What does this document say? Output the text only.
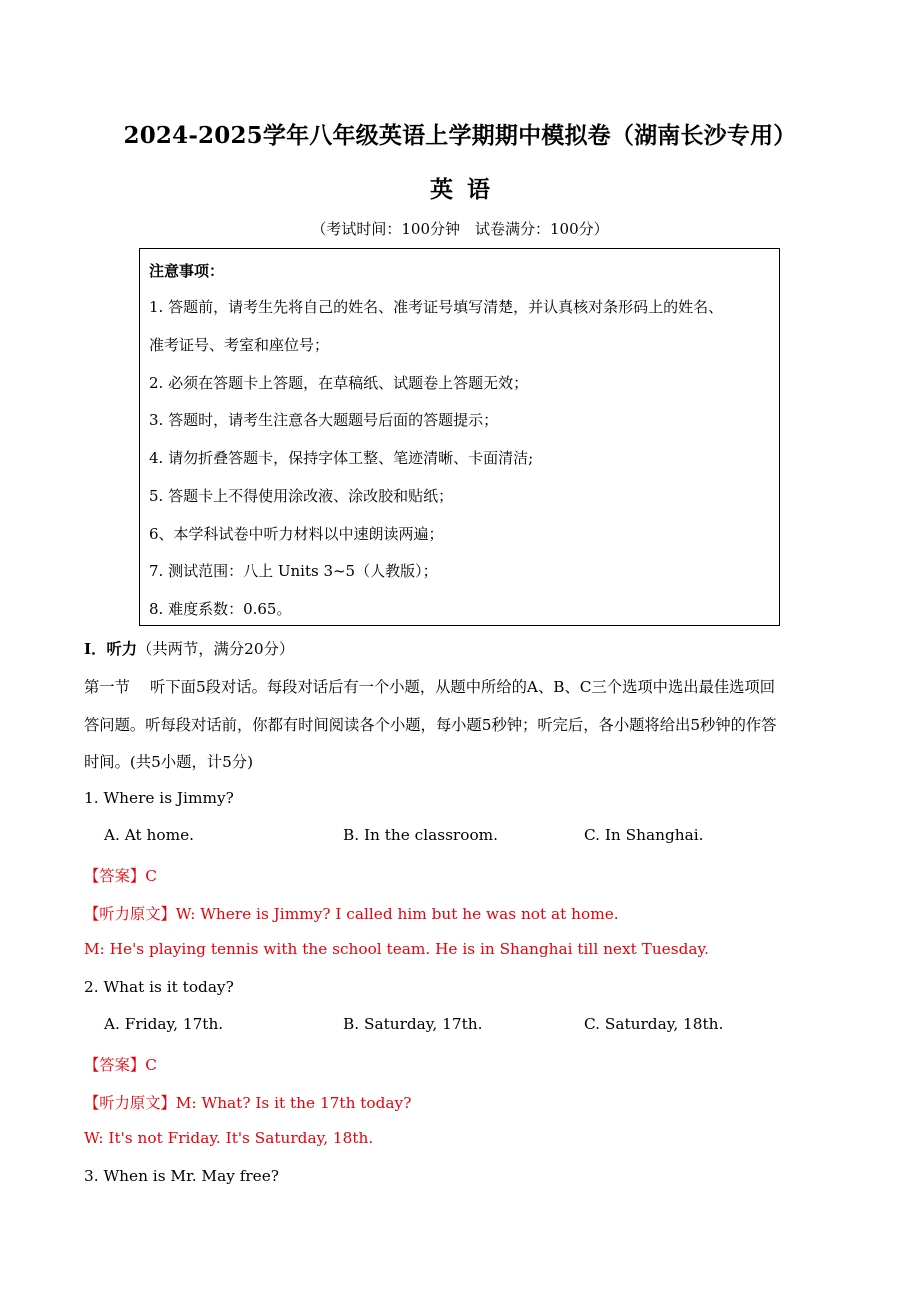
2024-2025学年八年级英语上学期期中模拟卷（湖南长沙专用）
英语
（考试时间：100分钟　试卷满分：100分）
注意事项：
1. 答题前，请考生先将自己的姓名、准考证号填写清楚，并认真核对条形码上的姓名、
准考证号、考室和座位号；
2. 必须在答题卡上答题，在草稿纸、试题卷上答题无效；
3. 答题时，请考生注意各大题题号后面的答题提示；
4. 请勿折叠答题卡，保持字体工整、笔迹清晰、卡面清洁;
5. 答题卡上不得使用涂改液、涂改胶和贴纸；
6、本学科试卷中听力材料以中速朗读两遍；
7. 测试范围：八上 Units 3~5（人教版）；
8. 难度系数：0.65。
I．听力（共两节，满分20分）
第一节　 听下面5段对话。每段对话后有一个小题，从题中所给的A、B、C三个选项中选出最佳选项回
答问题。听每段对话前，你都有时间阅读各个小题，每小题5秒钟；听完后，各小题将给出5秒钟的作答
时间。(共5小题，计5分)
1. Where is Jimmy?
A. At home.	B. In the classroom.	C. In Shanghai.
【答案】C
【听力原文】W: Where is Jimmy? I called him but he was not at home.
M: He's playing tennis with the school team. He is in Shanghai till next Tuesday.
2. What is it today?
A. Friday, 17th.	B. Saturday, 17th.	C. Saturday, 18th.
【答案】C
【听力原文】M: What? Is it the 17th today?
W: It's not Friday. It's Saturday, 18th.
3. When is Mr. May free?
